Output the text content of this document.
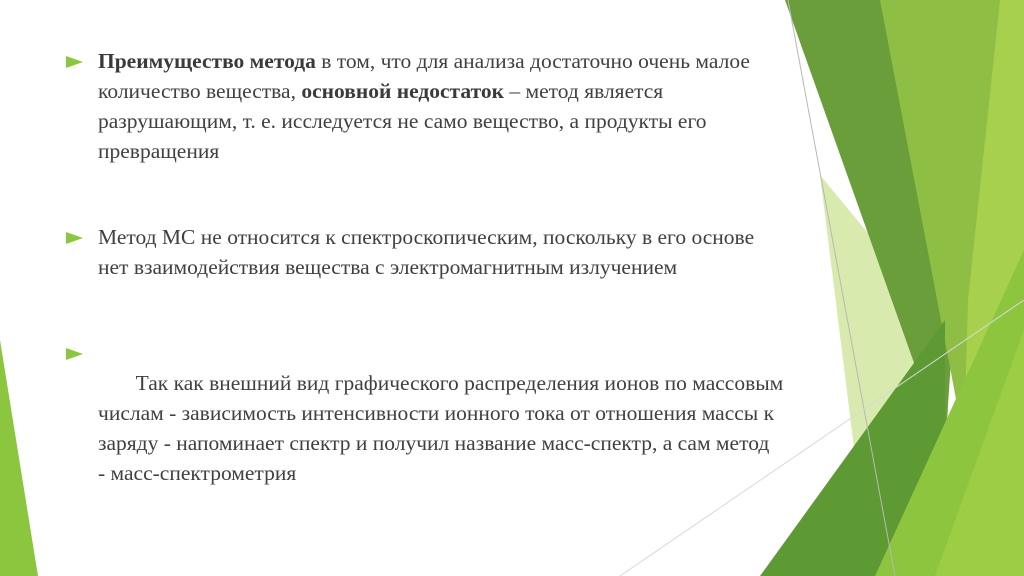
Преимущество метода в том, что для анализа достаточно очень малое количество вещества, основной недостаток – метод является разрушающим, т. е. исследуется не само вещество, а продукты его превращения

Метод МС не относится к спектроскопическим, поскольку в его основе нет взаимодействия вещества с электромагнитным излучением

Так как внешний вид графического распределения ионов по массовым  числам - зависимость интенсивности ионного тока от отношения массы к заряду - напоминает спектр и получил название масс-спектр, а сам метод  - масс-спектрометрия
